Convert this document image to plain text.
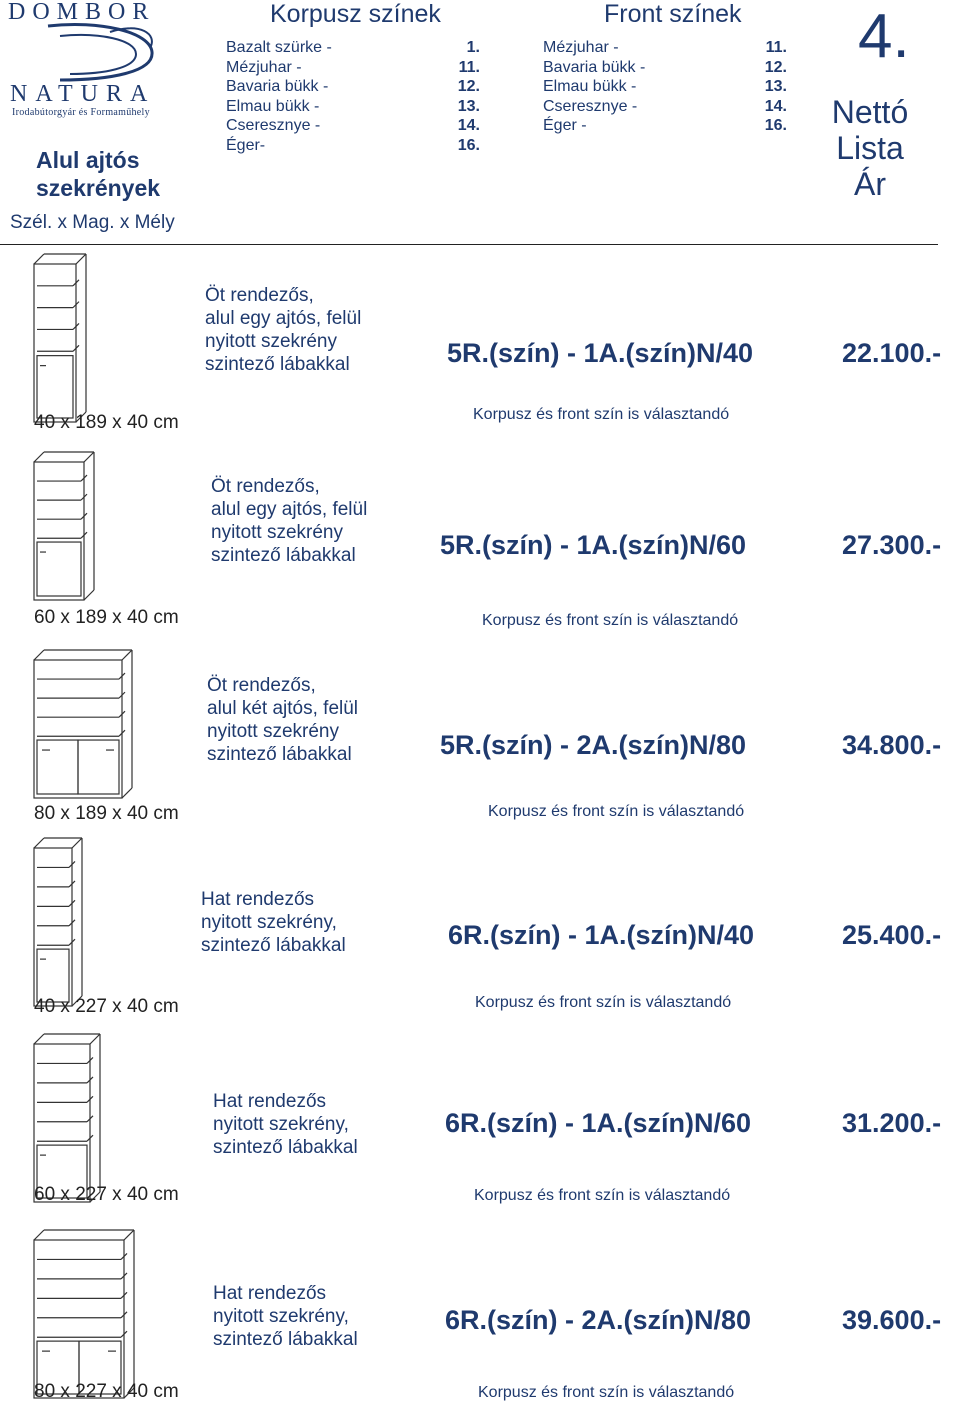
DOMBOR
NATURA
Irodabútorgyár és Formaműhely
Alul ajtós szekrények
Szél. x Mag. x Mély
Korpusz színek
Bazalt szürke -	1.
Mézjuhar -	11.
Bavaria bükk -	12.
Elmau bükk -	13.
Cseresznye -	14.
Éger-	16.
Front színek
Mézjuhar -	11.
Bavaria bükk -	12.
Elmau bükk -	13.
Cseresznye -	14.
Éger -	16.
4.
Nettó
Lista
Ár
Öt rendezős,
alul egy ajtós, felül
nyitott szekrény
szintező lábakkal	5R.(szín) - 1A.(szín)N/40	22.100.-
40 x 189 x 40 cm	Korpusz és front szín is választandó
Öt rendezős,
alul egy ajtós, felül
nyitott szekrény
szintező lábakkal	5R.(szín) - 1A.(szín)N/60	27.300.-
60 x 189 x 40 cm	Korpusz és front szín is választandó
Öt rendezős,
alul két ajtós, felül
nyitott szekrény
szintező lábakkal	5R.(szín) - 2A.(szín)N/80	34.800.-
80 x 189 x 40 cm	Korpusz és front szín is választandó
Hat rendezős
nyitott szekrény,
szintező lábakkal	6R.(szín) - 1A.(szín)N/40	25.400.-
40 x 227 x 40 cm	Korpusz és front szín is választandó
Hat rendezős
nyitott szekrény,
szintező lábakkal
6R.(szín) - 1A.(szín)N/60	31.200.-
60 x 227 x 40 cm	Korpusz és front szín is választandó
Hat rendezős
nyitott szekrény,
szintező lábakkal
6R.(szín) - 2A.(szín)N/80	39.600.-
80 x 227 x 40 cm	Korpusz és front szín is választandó
